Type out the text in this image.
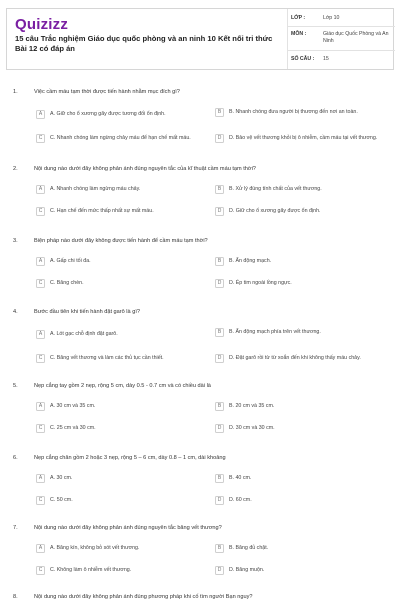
Quizizz
15 câu Trắc nghiệm Giáo dục quốc phòng và an ninh 10 Kết nối tri thức Bài 12 có đáp án
LỚP :	Lớp 10
MÔN :	Giáo dục Quốc Phòng và An Ninh
SỐ CÂU : 15
1.	Việc cầm máu tạm thời được tiến hành nhằm mục đích gì?
A	A. Giữ cho ổ xương gãy được tương đối ổn định.	B	B. Nhanh chóng đưa người bị thương đến nơi an toàn.
C	C. Nhanh chóng làm ngừng chảy máu để hạn chế mất máu.	D	D. Bảo vệ vết thương khỏi bị ô nhiễm, cầm máu tại vết thương.
2.	Nội dung nào dưới đây không phản ánh đúng nguyên tắc của kĩ thuật cầm máu tạm thời?
A	A. Nhanh chóng làm ngừng máu chảy.	B	B. Xử lý đúng tính chất của vết thương.
C	C. Hạn chế đến mức thấp nhất sự mất máu.	D	D. Giữ cho ổ xương gãy được ổn định.
3.	Biện pháp nào dưới đây không được tiến hành để cầm máu tạm thời?
A	A. Gấp chi tối đa.	B	B. Ấn động mạch.
C	C. Băng chèn.	D	D. Ép tim ngoài lồng ngực.
4.	Bước đầu tiên khi tiến hành đặt garô là gì?
A	A. Lót gạc chỗ định đặt garô.	B	B. Ấn động mạch phía trên vết thương.
C	C. Băng vết thương và làm các thủ tục cần thiết.	D	D. Đặt garô rồi từ từ xoắn đến khi không thấy máu chảy.
5.	Nẹp cẳng tay gồm 2 nẹp, rộng 5 cm, dày 0.5 - 0.7 cm và có chiều dài là
A	A. 30 cm và 35 cm.	B	B. 20 cm và 35 cm.
C	C. 25 cm và 30 cm.	D	D. 30 cm và 30 cm.
6.	Nẹp cẳng chân gồm 2 hoặc 3 nẹp, rộng 5 – 6 cm, dày 0.8 – 1 cm, dài khoảng
A	A. 30 cm.	B	B. 40 cm.
C	C. 50 cm.	D	D. 60 cm.
7.	Nội dung nào dưới đây không phản ánh đúng nguyên tắc băng vết thương?
A	A. Băng kín, không bỏ sót vết thương.	B	B. Băng đủ chặt.
C	C. Không làm ô nhiễm vết thương.	D	D. Băng muộn.
8.	Nội dung nào dưới đây không phản ánh đúng phương pháp khi cố tìm người Bạn nguy?
